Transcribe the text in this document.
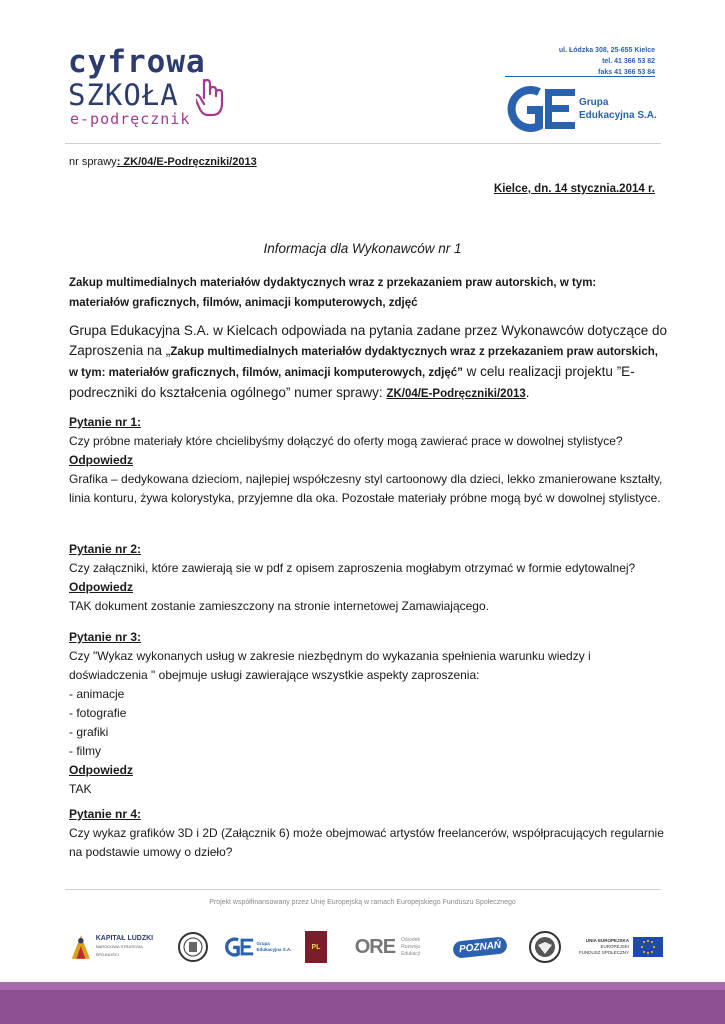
cyfrowa
SZKOŁA
e-podręcznik
ul. Łódzka 308, 25-655 Kielce
tel. 41 366 53 82
faks 41 366 53 84
Grupa
Edukacyjna S.A.
nr sprawy: ZK/04/E-Podręczniki/2013
Kielce, dn. 14 stycznia.2014 r.
Informacja dla Wykonawców nr 1
Zakup multimedialnych materiałów dydaktycznych wraz z przekazaniem praw autorskich, w tym: materiałów graficznych, filmów, animacji komputerowych, zdjęć
Grupa Edukacyjna S.A. w Kielcach odpowiada na pytania zadane przez Wykonawców dotyczące do Zaproszenia na „Zakup multimedialnych materiałów dydaktycznych wraz z przekazaniem praw autorskich, w tym: materiałów graficznych, filmów, animacji komputerowych, zdjęć” w celu realizacji projektu ”E-podreczniki do kształcenia ogólnego” numer sprawy: ZK/04/E-Podręczniki/2013.
Pytanie nr 1:
Czy próbne materiały które chcielibyśmy dołączyć do oferty mogą zawierać prace w dowolnej stylistyce?
Odpowiedz
Grafika – dedykowana dzieciom, najlepiej współczesny styl cartoonowy dla dzieci, lekko zmanierowane kształty, linia konturu, żywa kolorystyka, przyjemne dla oka. Pozostałe materiały próbne mogą być w dowolnej stylistyce.
Pytanie nr 2:
Czy załączniki, które zawierają sie w pdf z opisem zaproszenia mogłabym otrzymać w formie edytowalnej?
Odpowiedz
TAK dokument zostanie zamieszczony na stronie internetowej Zamawiającego.
Pytanie nr 3:
Czy "Wykaz wykonanych usług w zakresie niezbędnym do wykazania spełnienia warunku wiedzy i doświadczenia " obejmuje usługi zawierające wszystkie aspekty zaproszenia:
- animacje
- fotografie
- grafiki
- filmy
Odpowiedz
TAK
Pytanie nr 4:
Czy wykaz grafików 3D i 2D (Załącznik 6) może obejmować artystów freelancerów, współpracujących regularnie na podstawie umowy o dzieło?
Projekt współfinansowany przez Unię Europejską w ramach Europejskiego Funduszu Społecznego
KAPITAŁ LUDZKI
NARODOWA STRATEGIA SPÓJNOŚCI
Grupa
Edukacyjna S.A.	PL	ORE Ośrodek
Rozwoju
Edukacji	POZNAŃ	UNIA EUROPEJSKA
EUROPEJSKI
FUNDUSZ SPOŁECZNY
